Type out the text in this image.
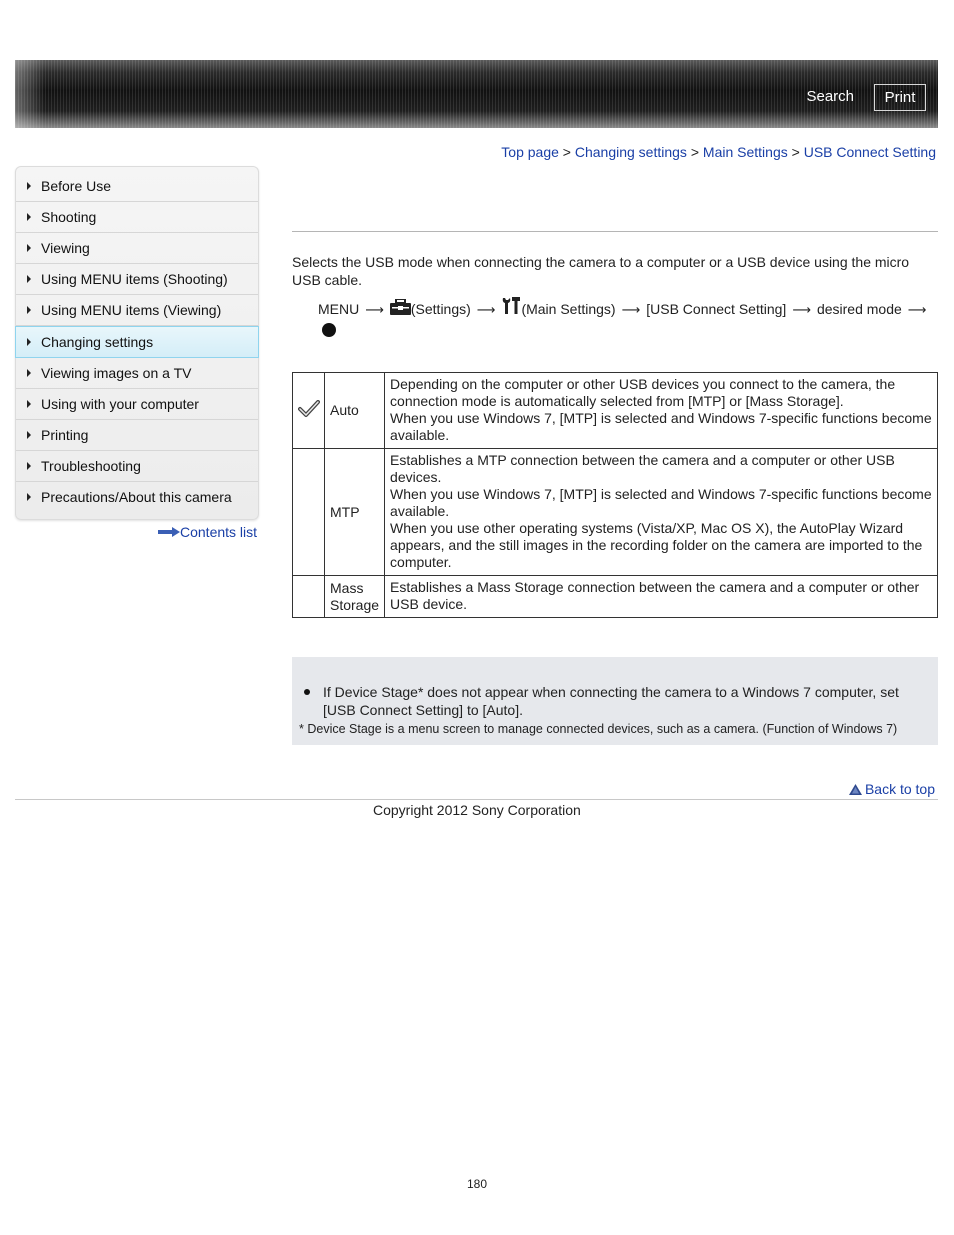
Search	Print
Top page > Changing settings > Main Settings > USB Connect Setting
Before Use
Shooting
Viewing
Using MENU items (Shooting)
Using MENU items (Viewing)
Changing settings
Viewing images on a TV
Using with your computer
Printing
Troubleshooting
Precautions/About this camera
Contents list
Selects the USB mode when connecting the camera to a computer or a USB device using the micro USB cable.
MENU ⟶ (Settings) ⟶ (Main Settings) ⟶ [USB Connect Setting] ⟶ desired mode ⟶
	Auto	Depending on the computer or other USB devices you connect to the camera, the connection mode is automatically selected from [MTP] or [Mass Storage].
When you use Windows 7, [MTP] is selected and Windows 7-specific functions become available.
	MTP	Establishes a MTP connection between the camera and a computer or other USB devices.
When you use Windows 7, [MTP] is selected and Windows 7-specific functions become available.
When you use other operating systems (Vista/XP, Mac OS X), the AutoPlay Wizard appears, and the still images in the recording folder on the camera are imported to the computer.
	Mass Storage	Establishes a Mass Storage connection between the camera and a computer or other USB device.
If Device Stage* does not appear when connecting the camera to a Windows 7 computer, set [USB Connect Setting] to [Auto].
* Device Stage is a menu screen to manage connected devices, such as a camera. (Function of Windows 7)
Back to top
Copyright 2012 Sony Corporation
180
